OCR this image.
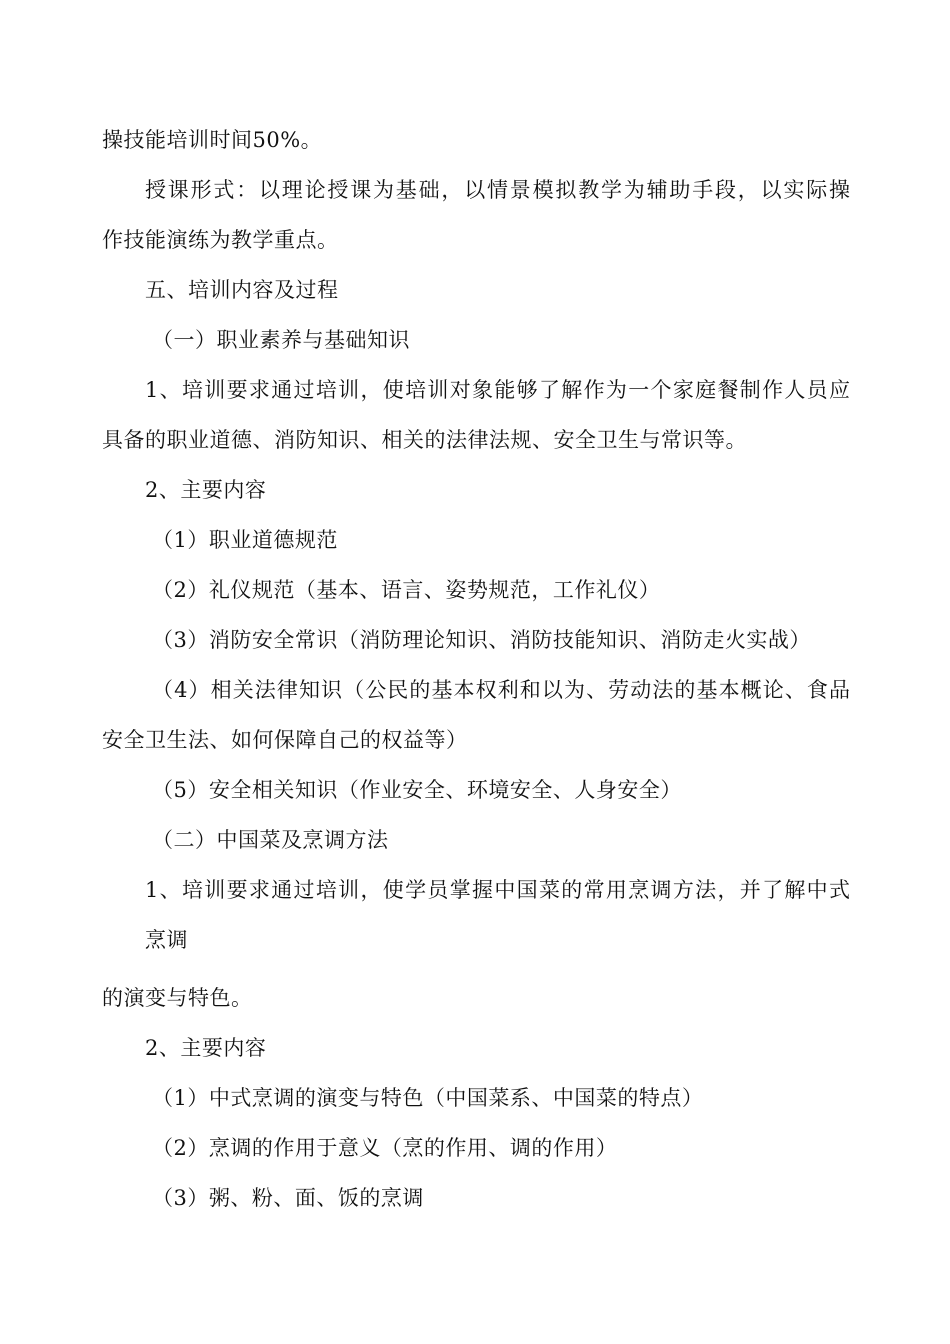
操技能培训时间50%。
授课形式：以理论授课为基础，以情景模拟教学为辅助手段，以实际操
作技能演练为教学重点。
五、培训内容及过程
（一）职业素养与基础知识
1、培训要求通过培训，使培训对象能够了解作为一个家庭餐制作人员应
具备的职业道德、消防知识、相关的法律法规、安全卫生与常识等。
2、主要内容
（1）职业道德规范
（2）礼仪规范（基本、语言、姿势规范，工作礼仪）
（3）消防安全常识（消防理论知识、消防技能知识、消防走火实战）
（4）相关法律知识（公民的基本权利和以为、劳动法的基本概论、食品
安全卫生法、如何保障自己的权益等）
（5）安全相关知识（作业安全、环境安全、人身安全）
（二）中国菜及烹调方法
1、培训要求通过培训，使学员掌握中国菜的常用烹调方法，并了解中式
烹调
的演变与特色。
2、主要内容
（1）中式烹调的演变与特色（中国菜系、中国菜的特点）
（2）烹调的作用于意义（烹的作用、调的作用）
（3）粥、粉、面、饭的烹调
